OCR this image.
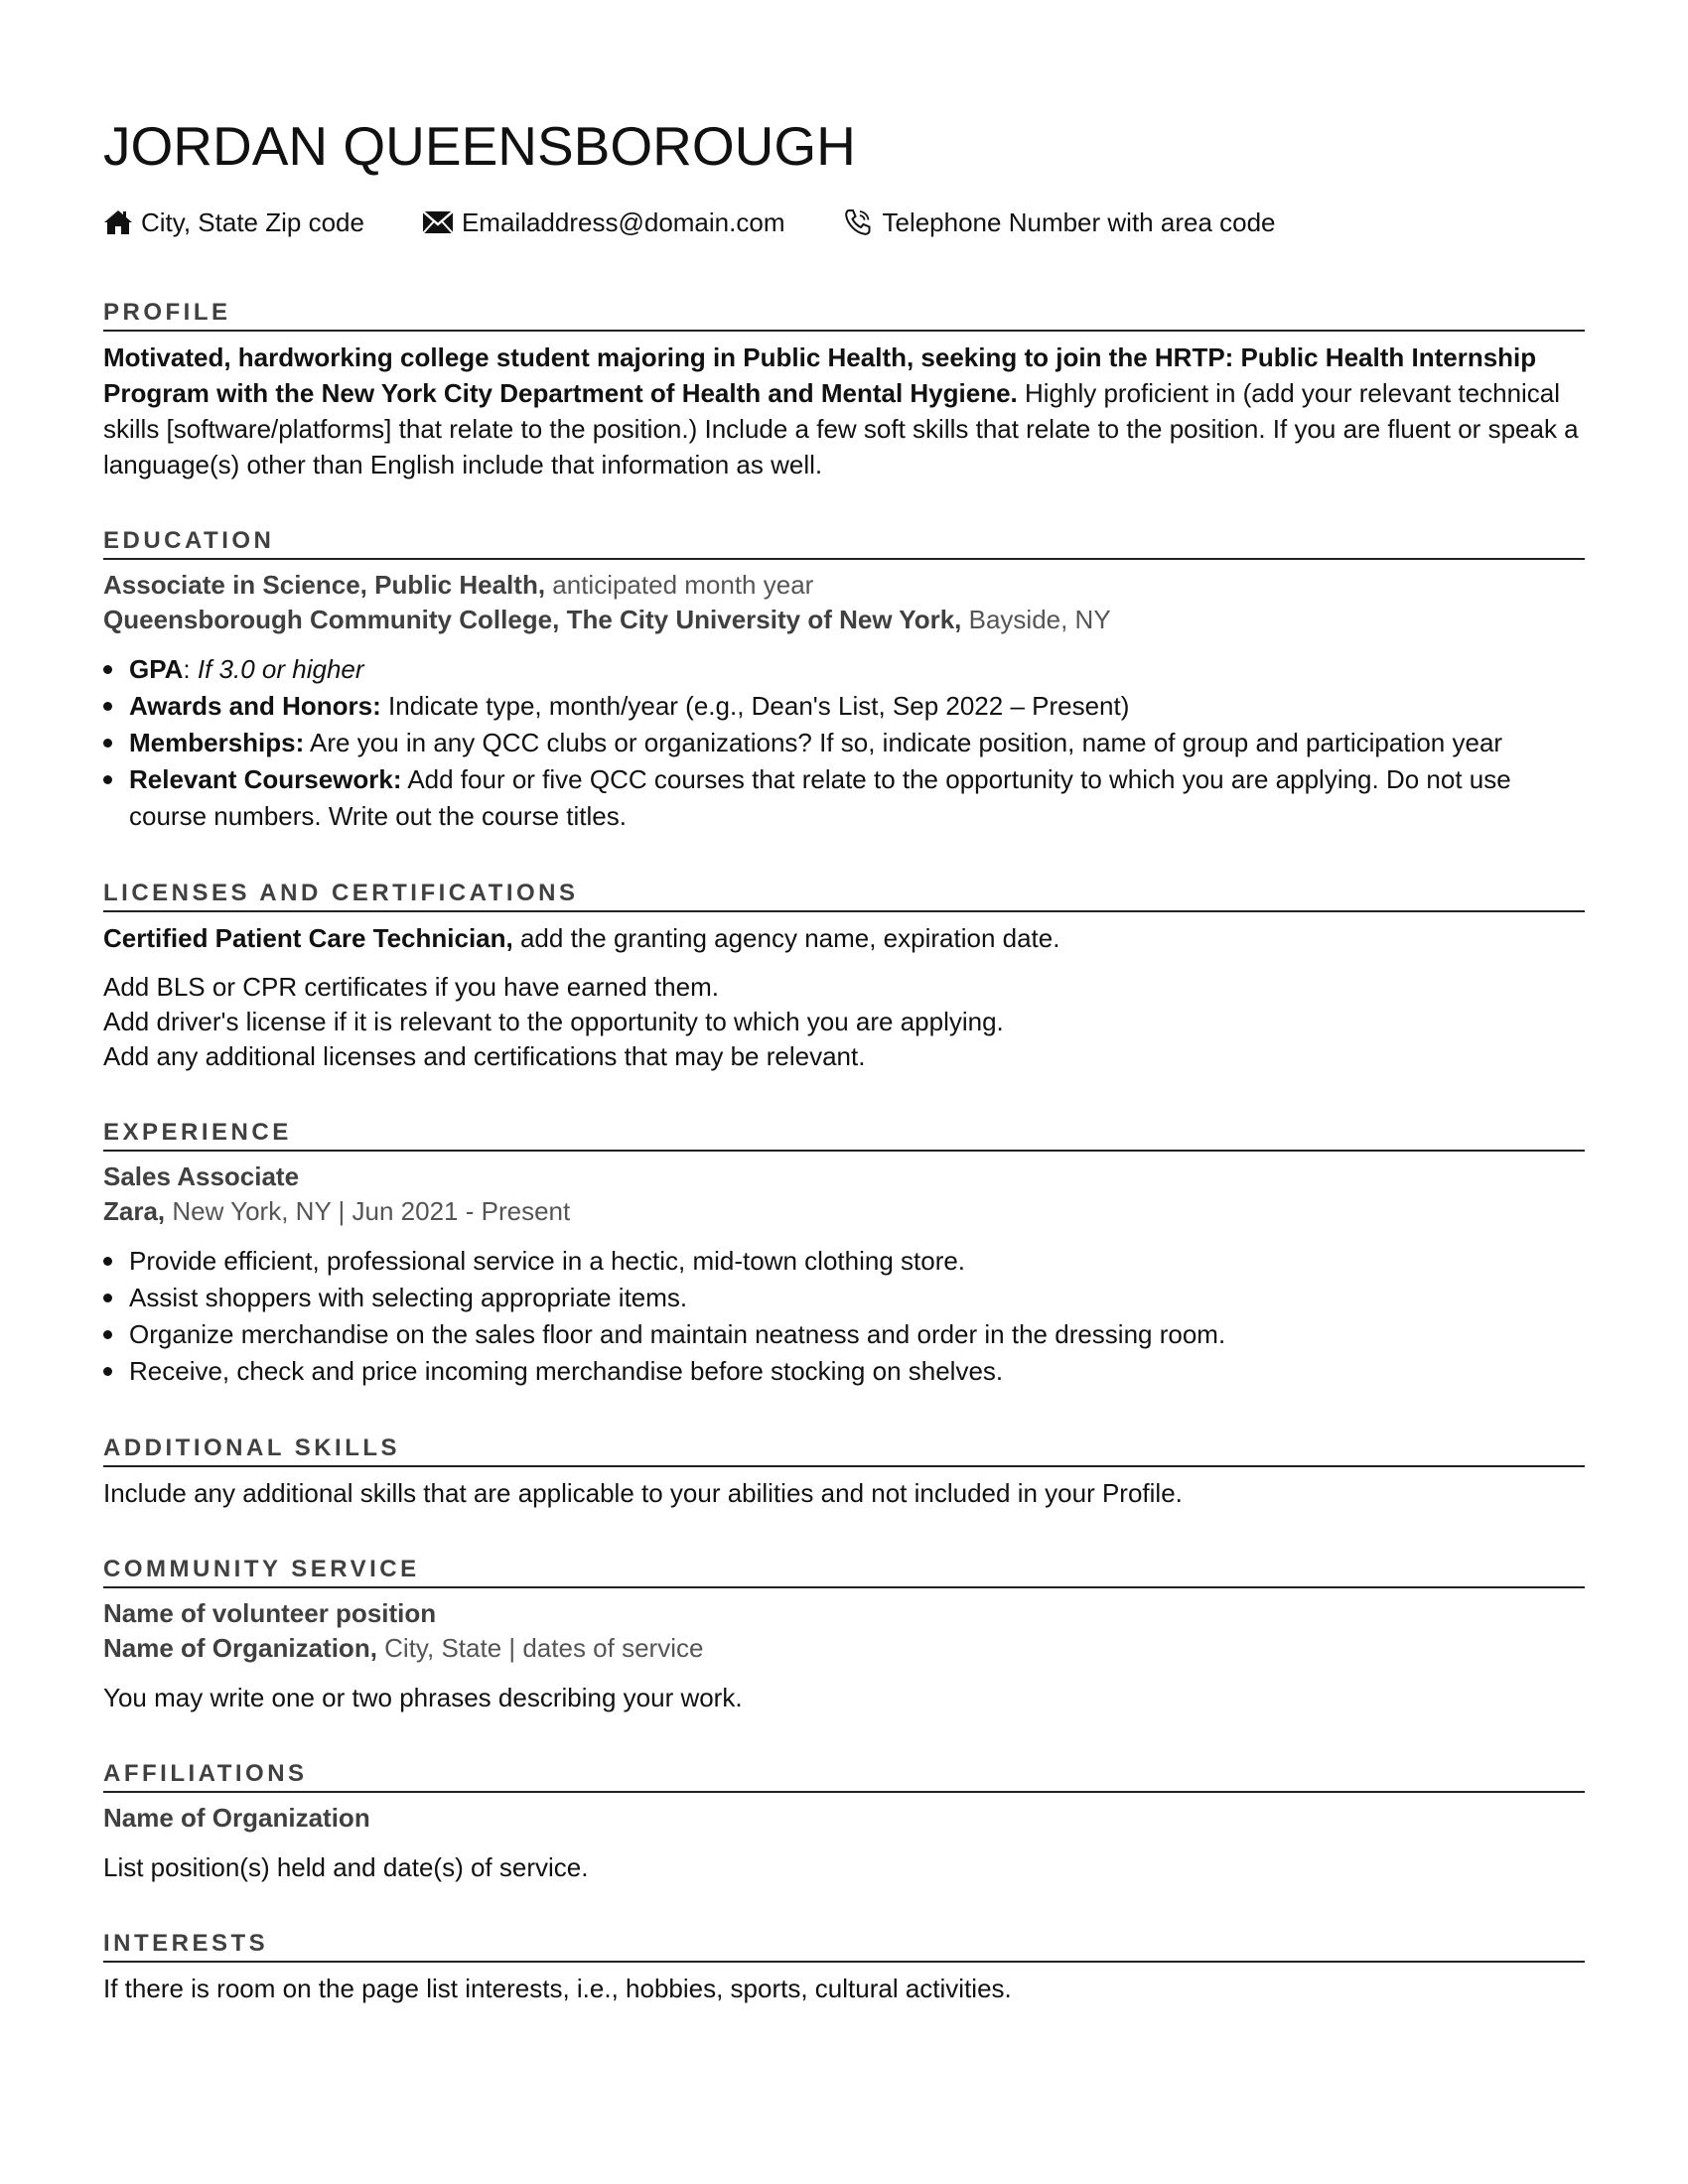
JORDAN QUEENSBOROUGH
City, State Zip code	Emailaddress@domain.com	Telephone Number with area code
PROFILE

Motivated, hardworking college student majoring in Public Health, seeking to join the HRTP: Public Health Internship Program with the New York City Department of Health and Mental Hygiene. Highly proficient in (add your relevant technical skills [software/platforms] that relate to the position.) Include a few soft skills that relate to the position. If you are fluent or speak a language(s) other than English include that information as well.

EDUCATION
Associate in Science, Public Health, anticipated month year
Queensborough Community College, The City University of New York, Bayside, NY
GPA: If 3.0 or higher
Awards and Honors: Indicate type, month/year (e.g., Dean's List, Sep 2022 – Present)
Memberships: Are you in any QCC clubs or organizations? If so, indicate position, name of group and participation year
Relevant Coursework: Add four or five QCC courses that relate to the opportunity to which you are applying. Do not use course numbers. Write out the course titles.
LICENSES AND CERTIFICATIONS

Certified Patient Care Technician, add the granting agency name, expiration date.

Add BLS or CPR certificates if you have earned them.
Add driver's license if it is relevant to the opportunity to which you are applying.
Add any additional licenses and certifications that may be relevant.
EXPERIENCE
Sales Associate
Zara, New York, NY | Jun 2021 - Present
Provide efficient, professional service in a hectic, mid-town clothing store.
Assist shoppers with selecting appropriate items.
Organize merchandise on the sales floor and maintain neatness and order in the dressing room.
Receive, check and price incoming merchandise before stocking on shelves.
ADDITIONAL SKILLS

Include any additional skills that are applicable to your abilities and not included in your Profile.

COMMUNITY SERVICE
Name of volunteer position
Name of Organization, City, State | dates of service

You may write one or two phrases describing your work.

AFFILIATIONS
Name of Organization

List position(s) held and date(s) of service.

INTERESTS

If there is room on the page list interests, i.e., hobbies, sports, cultural activities.
